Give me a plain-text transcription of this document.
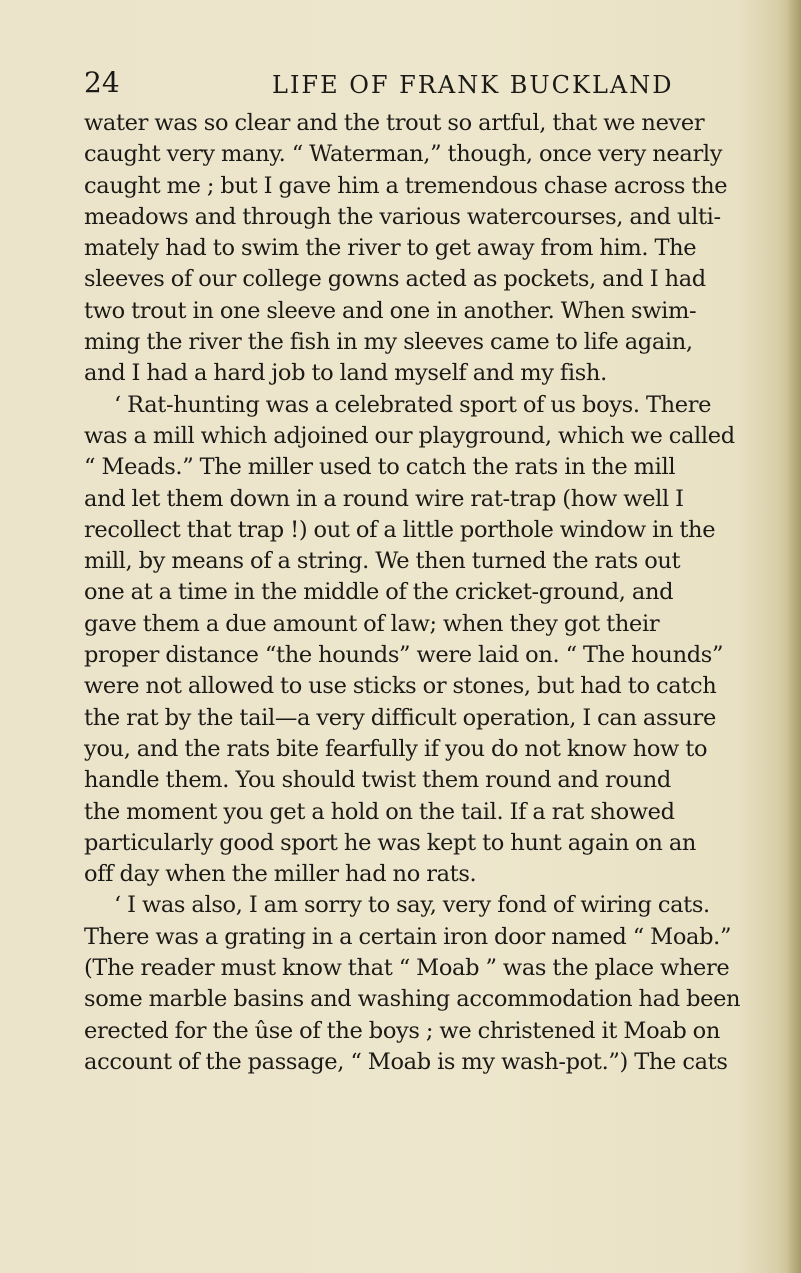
24	LIFE OF FRANK BUCKLAND
water was so clear and the trout so artful, that we never
caught very many. “ Waterman,” though, once very nearly
caught me ; but I gave him a tremendous chase across the
meadows and through the various watercourses, and ulti-
mately had to swim the river to get away from him. The
sleeves of our college gowns acted as pockets, and I had
two trout in one sleeve and one in another. When swim-
ming the river the fish in my sleeves came to life again,
and I had a hard job to land myself and my fish.
‘ Rat-hunting was a celebrated sport of us boys. There
was a mill which adjoined our playground, which we called
“ Meads.” The miller used to catch the rats in the mill
and let them down in a round wire rat-trap (how well I
recollect that trap !) out of a little porthole window in the
mill, by means of a string. We then turned the rats out
one at a time in the middle of the cricket-ground, and
gave them a due amount of law; when they got their
proper distance “the hounds” were laid on. “ The hounds”
were not allowed to use sticks or stones, but had to catch
the rat by the tail—a very difficult operation, I can assure
you, and the rats bite fearfully if you do not know how to
handle them. You should twist them round and round
the moment you get a hold on the tail. If a rat showed
particularly good sport he was kept to hunt again on an
off day when the miller had no rats.
‘ I was also, I am sorry to say, very fond of wiring cats.
There was a grating in a certain iron door named “ Moab.”
(The reader must know that “ Moab ” was the place where
some marble basins and washing accommodation had been
erected for the ûse of the boys ; we christened it Moab on
account of the passage, “ Moab is my wash-pot.”) The cats
